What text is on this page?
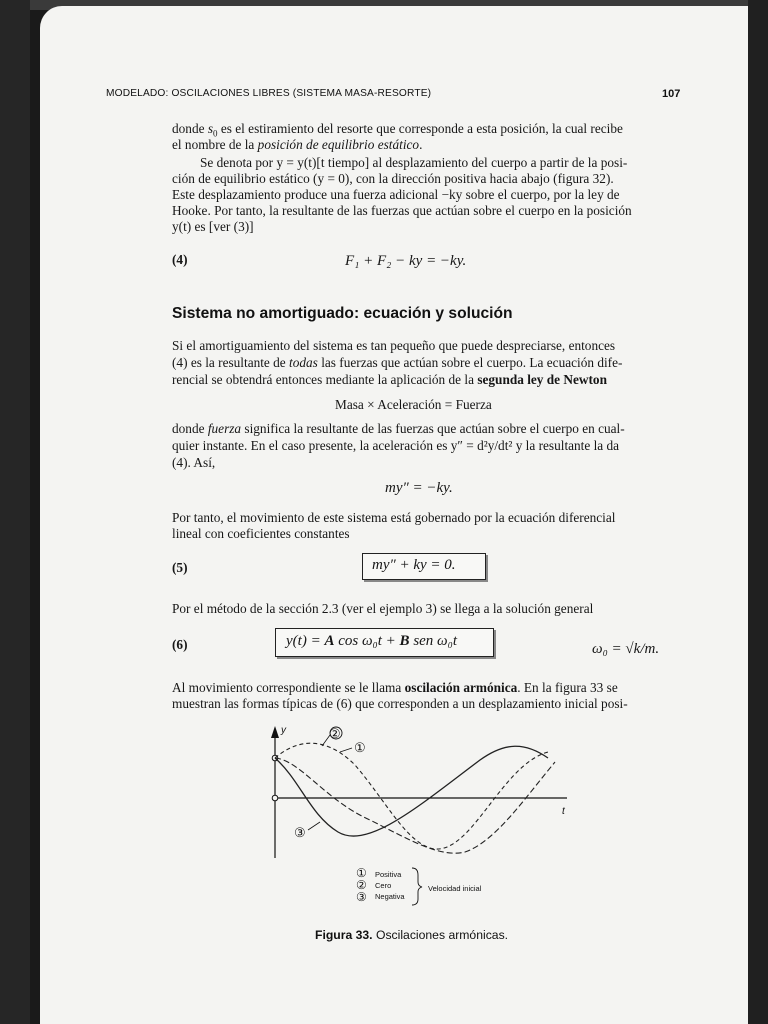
MODELADO: OSCILACIONES LIBRES (SISTEMA MASA-RESORTE)	107
donde $s_0$ es el estiramiento del resorte que corresponde a esta posición, la cual recibe
el nombre de la posición de equilibrio estático.
Se denota por y = y(t)[t tiempo] al desplazamiento del cuerpo a partir de la posi-
ción de equilibrio estático (y = 0), con la dirección positiva hacia abajo (figura 32).
Este desplazamiento produce una fuerza adicional −ky sobre el cuerpo, por la ley de
Hooke. Por tanto, la resultante de las fuerzas que actúan sobre el cuerpo en la posición
y(t) es [ver (3)]
(4)	F₁ + F₂ − ky = −ky.
Sistema no amortiguado: ecuación y solución
Si el amortiguamiento del sistema es tan pequeño que puede despreciarse, entonces
(4) es la resultante de todas las fuerzas que actúan sobre el cuerpo. La ecuación dife-
rencial se obtendrá entonces mediante la aplicación de la segunda ley de Newton
Masa × Aceleración = Fuerza
donde fuerza significa la resultante de las fuerzas que actúan sobre el cuerpo en cual-
quier instante. En el caso presente, la aceleración es y″ = d²y/dt² y la resultante la da
(4). Así,
my″ = −ky.
Por tanto, el movimiento de este sistema está gobernado por la ecuación diferencial
lineal con coeficientes constantes
(5)	my″ + ky = 0.
Por el método de la sección 2.3 (ver el ejemplo 3) se llega a la solución general
(6)	y(t) = A cos ω₀t + B sen ω₀t	ω₀ = √k/m.
Al movimiento correspondiente se le llama oscilación armónica. En la figura 33 se
muestran las formas típicas de (6) que corresponden a un desplazamiento inicial posi-
y
t
②
①
③
①
②
③
Positiva
Cero
Negativa
Velocidad inicial
Figura 33. Oscilaciones armónicas.
